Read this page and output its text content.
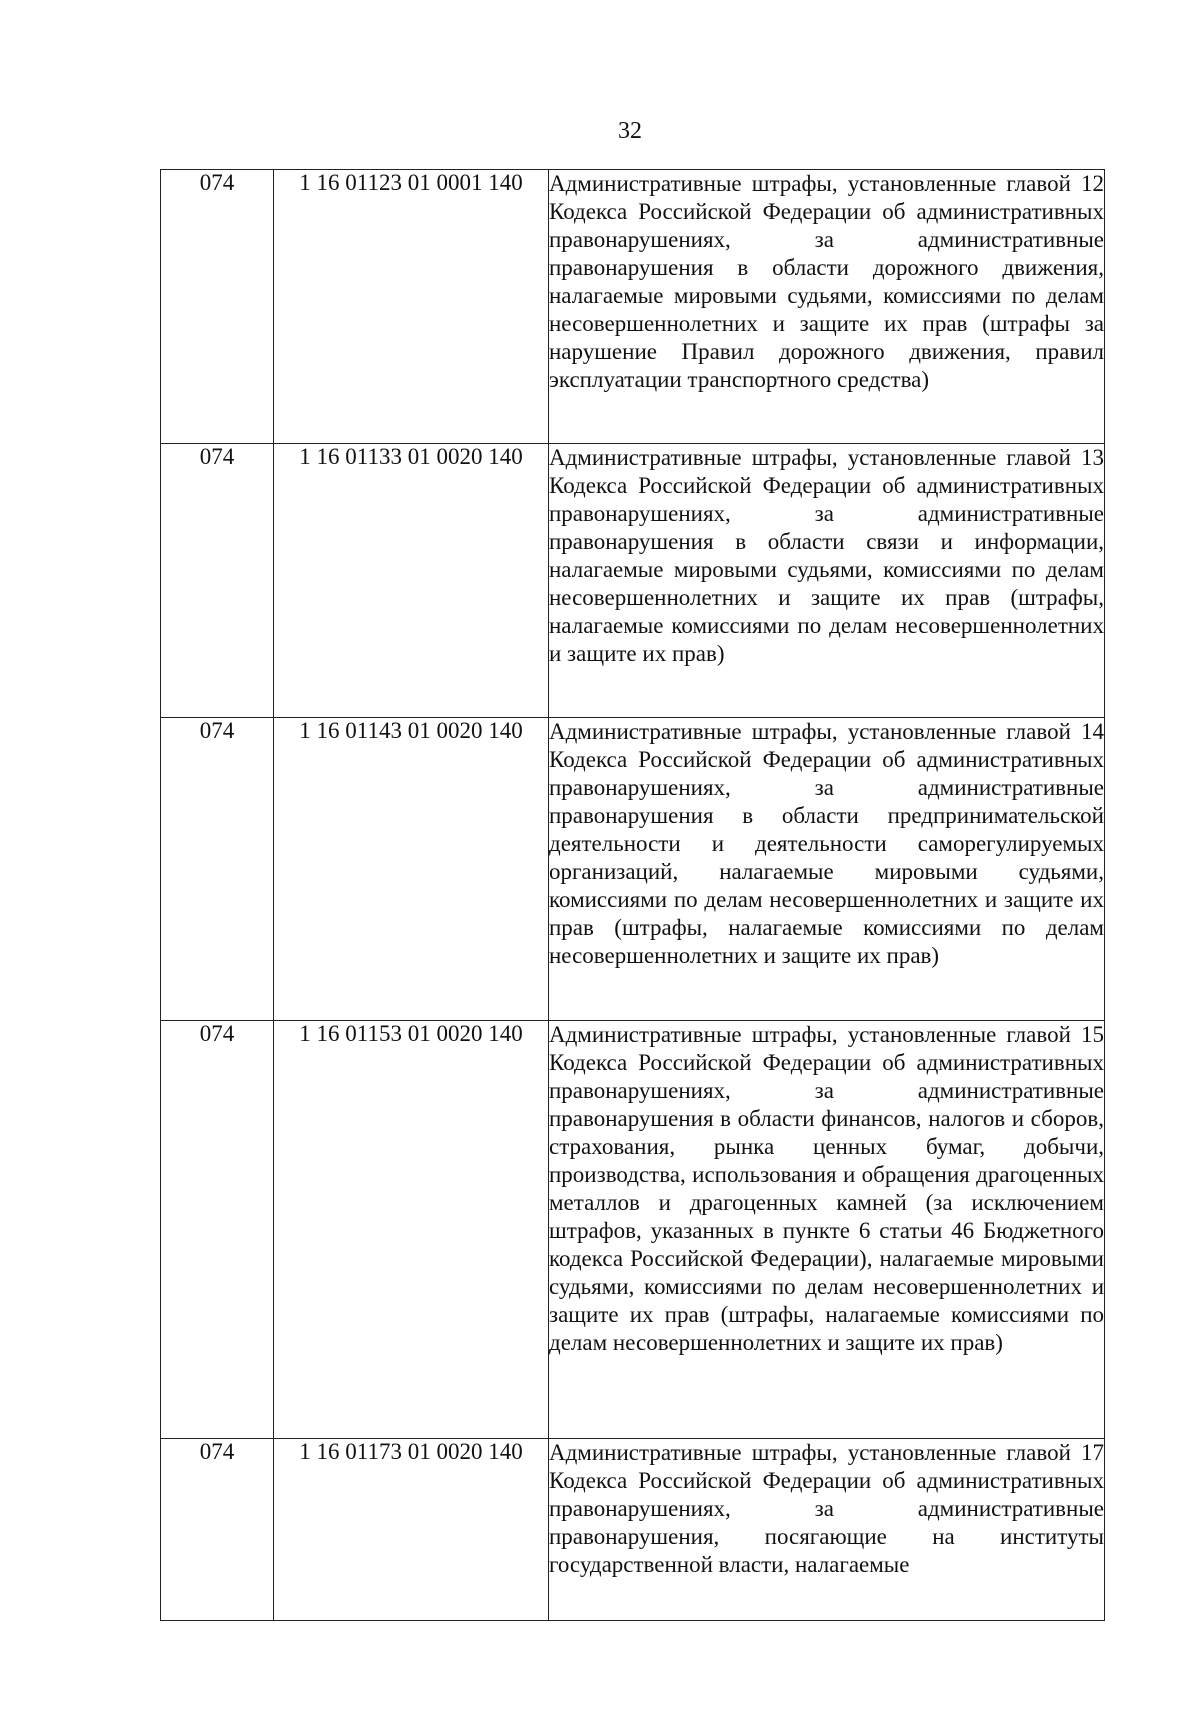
32
074	1 16 01123 01 0001 140	Административные штрафы, установленные главой 12 Кодекса Российской Федерации об административных правонарушениях, за административные правонарушения в области дорожного движения, налагаемые мировыми судьями, комиссиями по делам несовершеннолетних и защите их прав (штрафы за нарушение Правил дорожного движения, правил эксплуатации транспортного средства)

074	1 16 01133 01 0020 140	Административные штрафы, установленные главой 13 Кодекса Российской Федерации об административных правонарушениях, за административные правонарушения в области связи и информации, налагаемые мировыми судьями, комиссиями по делам несовершеннолетних и защите их прав (штрафы, налагаемые комиссиями по делам несовершеннолетних и защите их прав)

074	1 16 01143 01 0020 140	Административные штрафы, установленные главой 14 Кодекса Российской Федерации об административных правонарушениях, за административные правонарушения в области предпринимательской деятельности и деятельности саморегулируемых организаций, налагаемые мировыми судьями, комиссиями по делам несовершеннолетних и защите их прав (штрафы, налагаемые комиссиями по делам несовершеннолетних и защите их прав)

074	1 16 01153 01 0020 140	Административные штрафы, установленные главой 15 Кодекса Российской Федерации об административных правонарушениях, за административные правонарушения в области финансов, налогов и сборов, страхования, рынка ценных бумаг, добычи, производства, использования и обращения драгоценных металлов и драгоценных камней (за исключением штрафов, указанных в пункте 6 статьи 46 Бюджетного кодекса Российской Федерации), налагаемые мировыми судьями, комиссиями по делам несовершеннолетних и защите их прав (штрафы, налагаемые комиссиями по делам несовершеннолетних и защите их прав)

074	1 16 01173 01 0020 140	Административные штрафы, установленные главой 17 Кодекса Российской Федерации об административных правонарушениях, за административные правонарушения, посягающие на институты государственной власти, налагаемые
